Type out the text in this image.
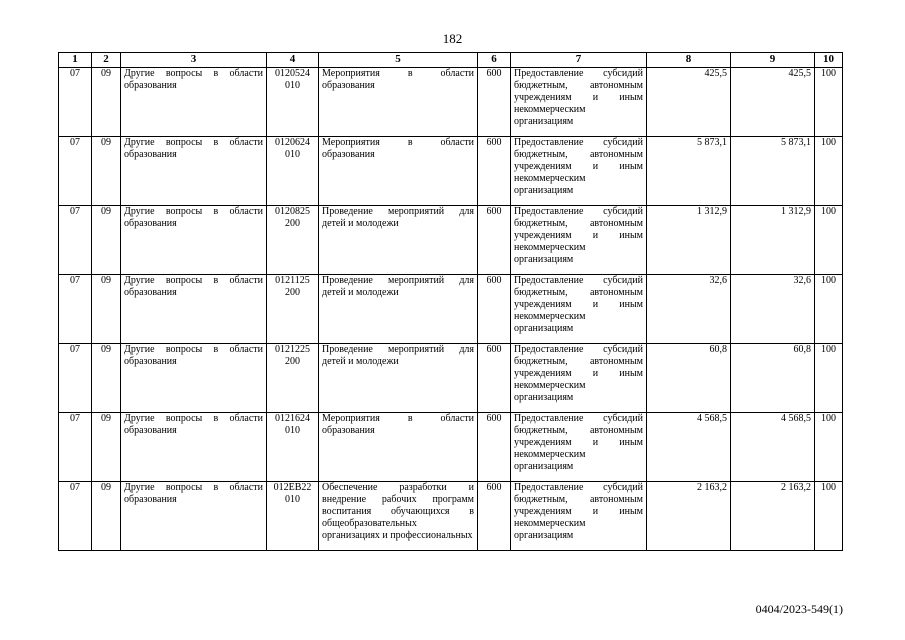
182
1	2	3	4	5	6	7	8	9	10
07	09	Другие вопросы в области образования	0120524 010	Мероприятия в области образования	600	Предоставление субсидий бюджетным, автономным учреждениям и иным некоммерческим организациям	425,5	425,5	100
07	09	Другие вопросы в области образования	0120624 010	Мероприятия в области образования	600	Предоставление субсидий бюджетным, автономным учреждениям и иным некоммерческим организациям	5 873,1	5 873,1	100
07	09	Другие вопросы в области образования	0120825 200	Проведение мероприятий для детей и молодежи	600	Предоставление субсидий бюджетным, автономным учреждениям и иным некоммерческим организациям	1 312,9	1 312,9	100
07	09	Другие вопросы в области образования	0121125 200	Проведение мероприятий для детей и молодежи	600	Предоставление субсидий бюджетным, автономным учреждениям и иным некоммерческим организациям	32,6	32,6	100
07	09	Другие вопросы в области образования	0121225 200	Проведение мероприятий для детей и молодежи	600	Предоставление субсидий бюджетным, автономным учреждениям и иным некоммерческим организациям	60,8	60,8	100
07	09	Другие вопросы в области образования	0121624 010	Мероприятия в области образования	600	Предоставление субсидий бюджетным, автономным учреждениям и иным некоммерческим организациям	4 568,5	4 568,5	100
07	09	Другие вопросы в области образования	012EB22 010	Обеспечение разработки и внедрение рабочих программ воспитания обучающихся в общеобразовательных организациях и профессиональных	600	Предоставление субсидий бюджетным, автономным учреждениям и иным некоммерческим организациям	2 163,2	2 163,2	100
0404/2023-549(1)
